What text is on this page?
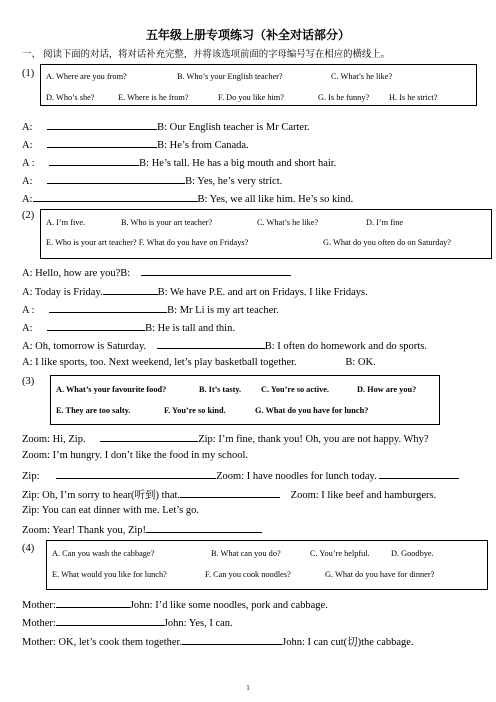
五年级上册专项练习（补全对话部分）
一、 阅读下面的对话，将对话补充完整，并将该选项前面的字母编号写在相应的横线上。
(1) A. Where are you from?	B. Who’s your English teacher?	C. What’s he like?
D. Who’s she?	E. Where is he from?	F. Do you like him?	G. Is he funny? H. Is he strict?
A:	B: Our English teacher is Mr Carter.
A:	B: He’s from Canada.
A :	B: He’s tall. He has a big mouth and short hair.
A:	B: Yes, he’s very strict.
A:	B: Yes, we all like him. He’s so kind.
(2)
A. I’m five.	B. Who is your art teacher?	C. What’s he like?	D. I’m fine
E. Who is your art teacher? F. What do you have on Fridays?	G. What do you often do on Saturday?
A: Hello, how are you?B:
A: Today is Friday.	B: We have P.E. and art on Fridays. I like Fridays.
A :	B: Mr Li is my art teacher.
A:	B: He is tall and thin.
A: Oh, tomorrow is Saturday.	B: I often do homework and do sports.
A: I like sports, too. Next weekend, let’s play basketball together.	B: OK.
(3)
A. What’s your favourite food?	B. It’s tasty. C. You’re so active.	D. How are you?
E. They are too salty.	F. You’re so kind.	G. What do you have for lunch?
Zoom: Hi, Zip.	Zip: I’m fine, thank you! Oh, you are not happy. Why?
Zoom: I’m hungry. I don’t like the food in my school.
Zip:	Zoom: I have noodles for lunch today.
Zip: Oh, I’m sorry to hear(听到) that.	Zoom: I like beef and hamburgers.
Zip: You can eat dinner with me. Let’s go.
Zoom: Year! Thank you, Zip!
(4) A. Can you wash the cabbage?	B. What can you do?	C. You’re helpful.	D. Goodbye.
E. What would you like for lunch?	F. Can you cook noodles?	G. What do you have for dinner?
Mother:	John: I’d like some noodles, pork and cabbage.
Mother:	John: Yes, I can.
Mother: OK, let’s cook them together.	John: I can cut(切)the cabbage.
1
